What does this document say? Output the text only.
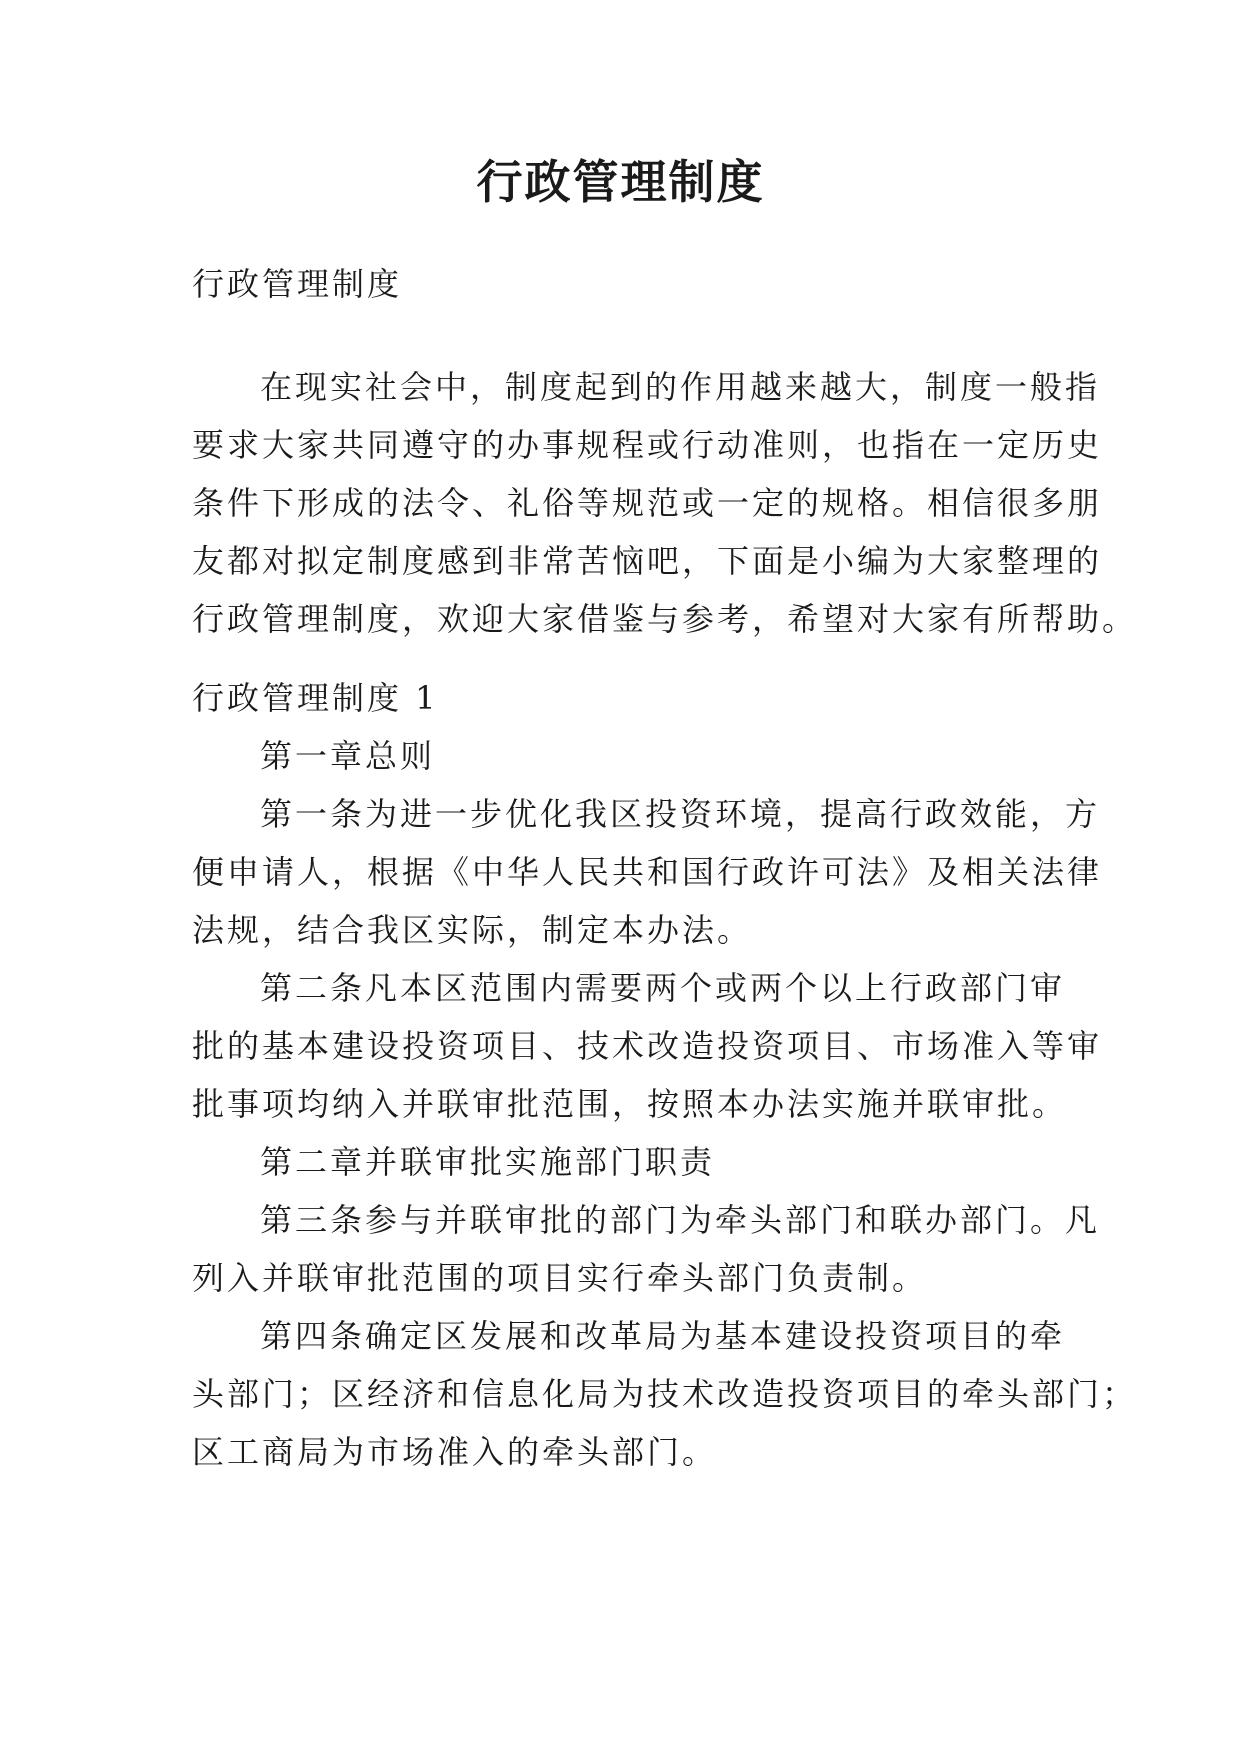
行政管理制度

行政管理制度

在现实社会中，制度起到的作用越来越大，制度一般指
要求大家共同遵守的办事规程或行动准则，也指在一定历史
条件下形成的法令、礼俗等规范或一定的规格。相信很多朋
友都对拟定制度感到非常苦恼吧，下面是小编为大家整理的
行政管理制度，欢迎大家借鉴与参考，希望对大家有所帮助。

行政管理制度 1

第一章总则
第一条为进一步优化我区投资环境，提高行政效能，方
便申请人，根据《中华人民共和国行政许可法》及相关法律
法规，结合我区实际，制定本办法。
第二条凡本区范围内需要两个或两个以上行政部门审
批的基本建设投资项目、技术改造投资项目、市场准入等审
批事项均纳入并联审批范围，按照本办法实施并联审批。
第二章并联审批实施部门职责
第三条参与并联审批的部门为牵头部门和联办部门。凡
列入并联审批范围的项目实行牵头部门负责制。
第四条确定区发展和改革局为基本建设投资项目的牵
头部门；区经济和信息化局为技术改造投资项目的牵头部门；
区工商局为市场准入的牵头部门。
